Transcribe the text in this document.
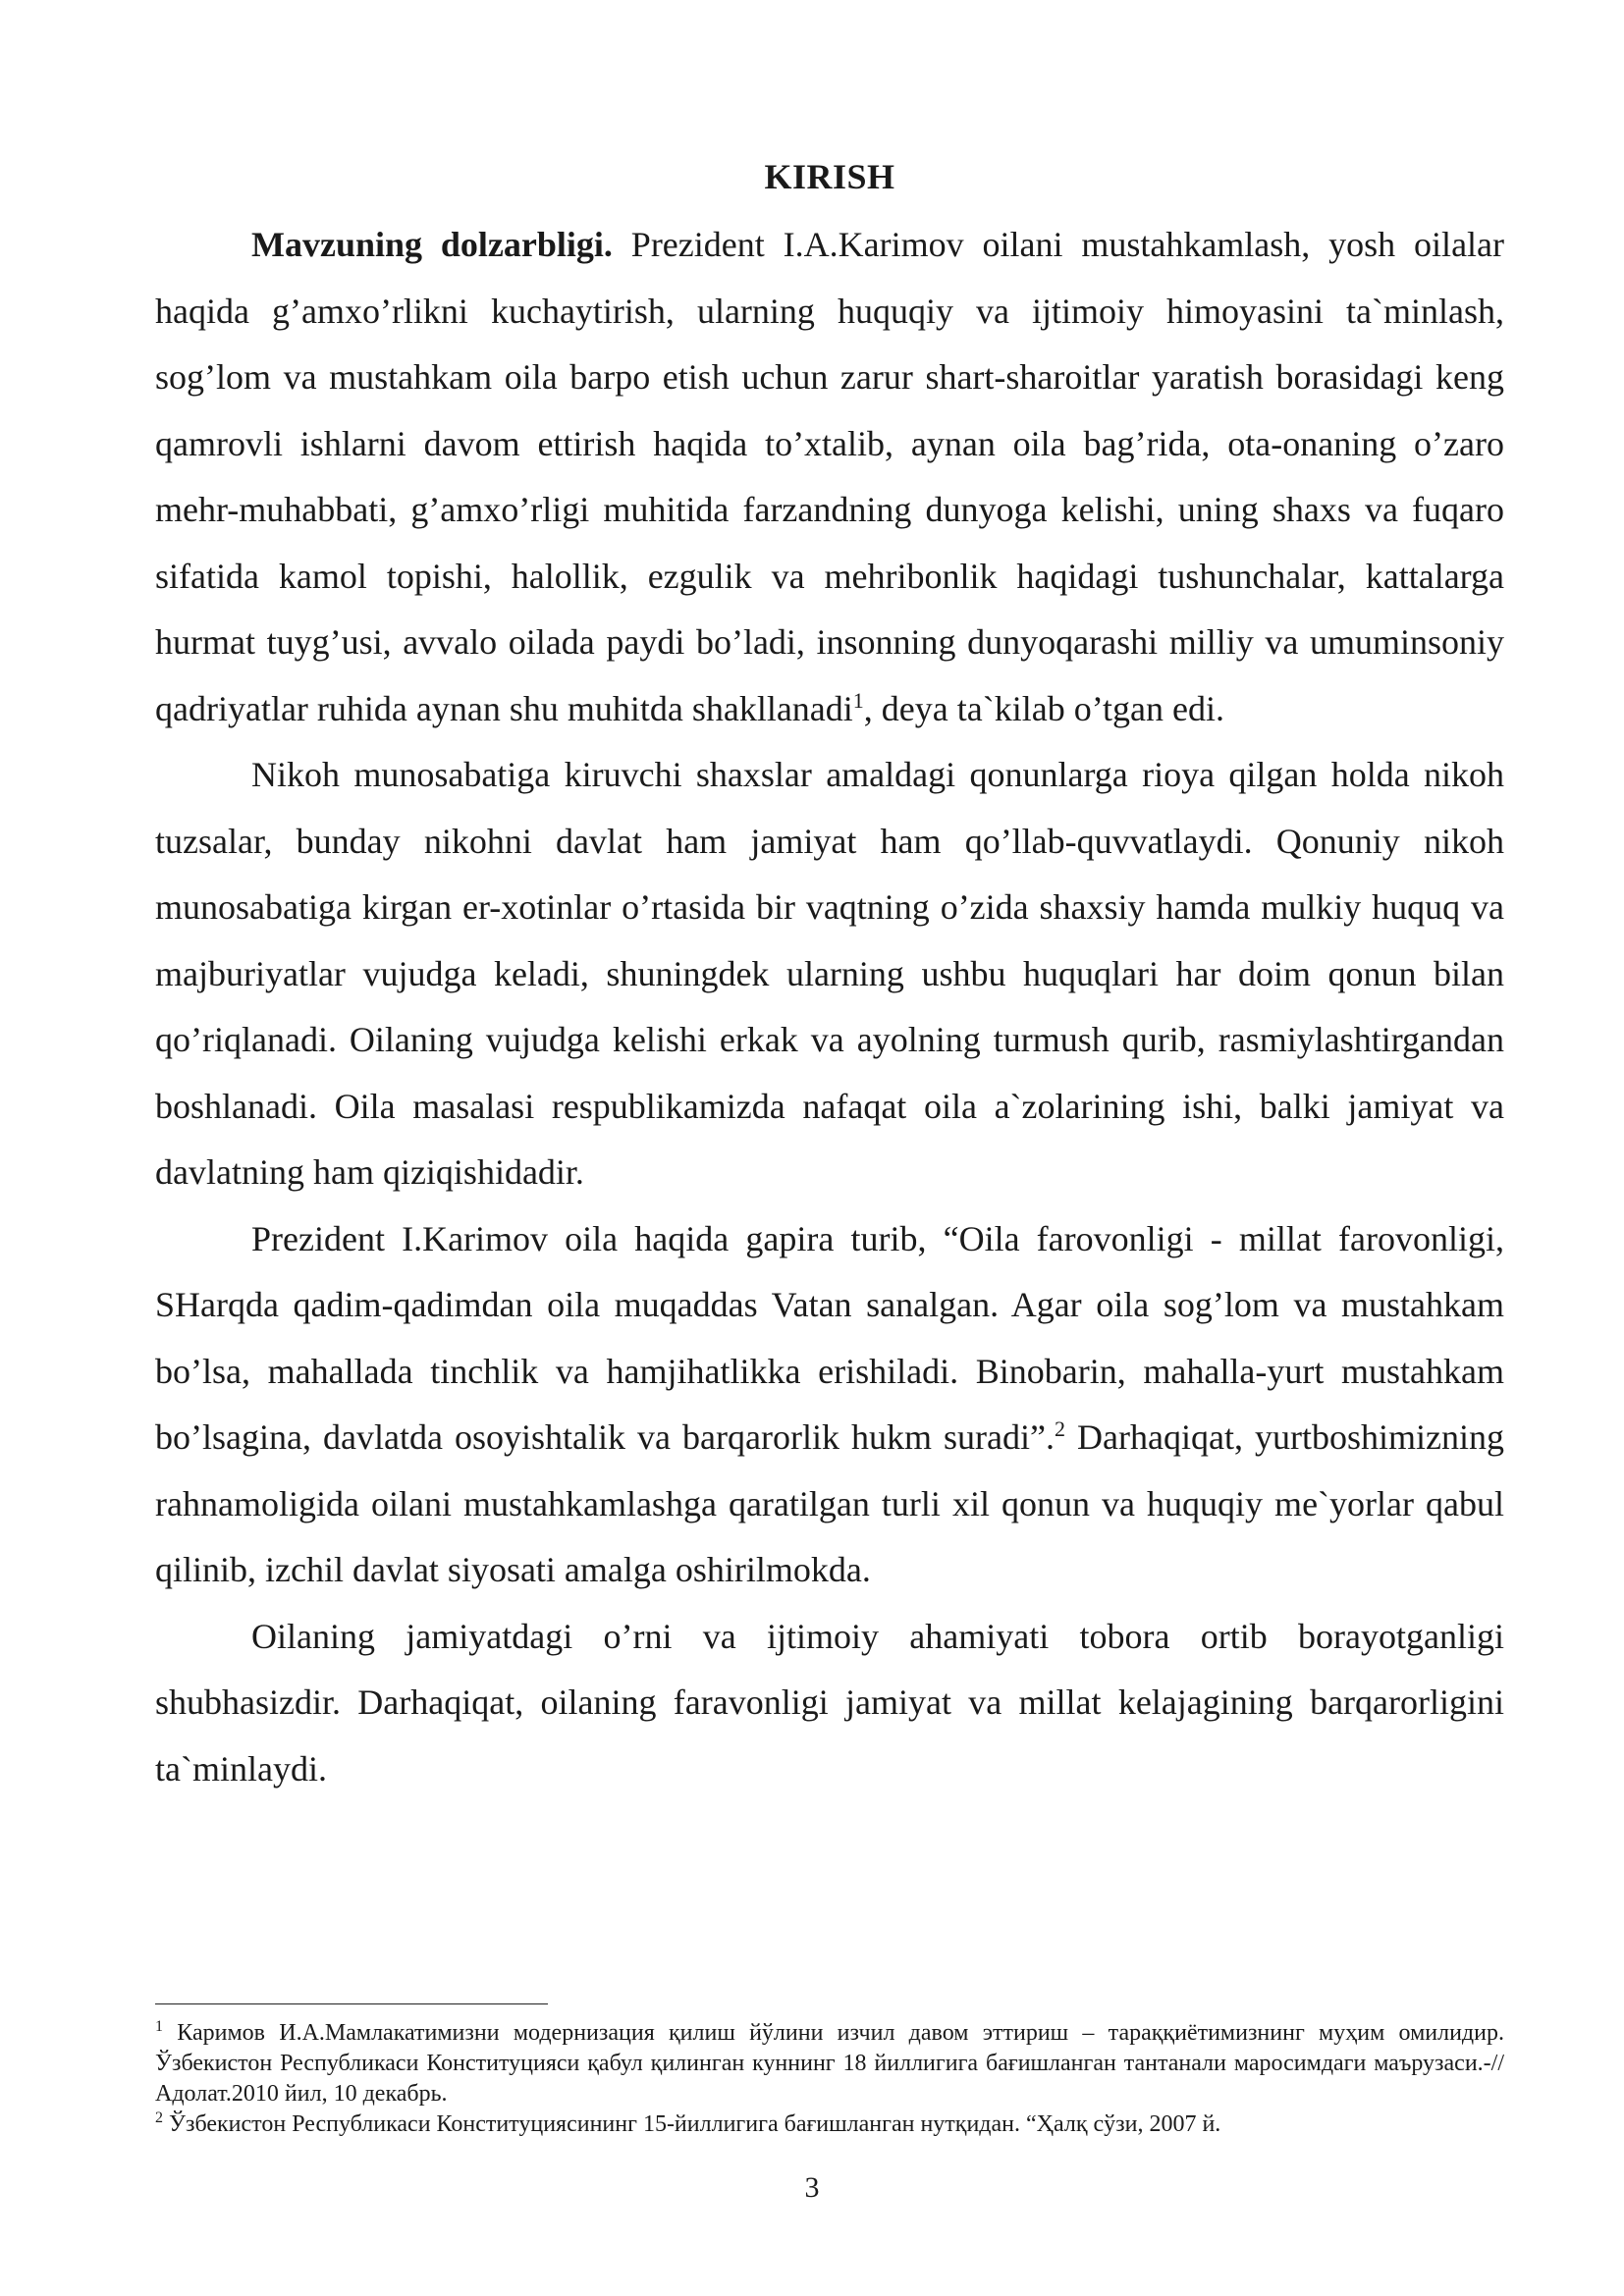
KIRISH

Mavzuning dolzarbligi. Prezident I.A.Karimov oilani mustahkamlash, yosh oilalar haqida g’amxo’rlikni kuchaytirish, ularning huquqiy va ijtimoiy himoyasini ta`minlash, sog’lom va mustahkam oila barpo etish uchun zarur shart-sharoitlar yaratish borasidagi keng qamrovli ishlarni davom ettirish haqida to’xtalib, aynan oila bag’rida, ota-onaning o’zaro mehr-muhabbati, g’amxo’rligi muhitida farzandning dunyoga kelishi, uning shaxs va fuqaro sifatida kamol topishi, halollik, ezgulik va mehribonlik haqidagi tushunchalar, kattalarga hurmat tuyg’usi, avvalo oilada paydi bo’ladi, insonning dunyoqarashi milliy va umuminsoniy qadriyatlar ruhida aynan shu muhitda shakllanadi$^1$, deya ta`kilab o’tgan edi.

Nikoh munosabatiga kiruvchi shaxslar amaldagi qonunlarga rioya qilgan holda nikoh tuzsalar, bunday nikohni davlat ham jamiyat ham qo’llab-quvvatlaydi. Qonuniy nikoh munosabatiga kirgan er-xotinlar o’rtasida bir vaqtning o’zida shaxsiy hamda mulkiy huquq va majburiyatlar vujudga keladi, shuningdek ularning ushbu huquqlari har doim qonun bilan qo’riqlanadi. Oilaning vujudga kelishi erkak va ayolning turmush qurib, rasmiylashtirgandan boshlanadi. Oila masalasi respublikamizda nafaqat oila a`zolarining ishi, balki jamiyat va davlatning ham qiziqishidadir.

Prezident I.Karimov oila haqida gapira turib, “Oila farovonligi - millat farovonligi, SHarqda qadim-qadimdan oila muqaddas Vatan sanalgan. Agar oila sog’lom va mustahkam bo’lsa, mahallada tinchlik va hamjihatlikka erishiladi. Binobarin, mahalla-yurt mustahkam bo’lsagina, davlatda osoyishtalik va barqarorlik hukm suradi”.$^2$ Darhaqiqat, yurtboshimizning rahnamoligida oilani mustahkamlashga qaratilgan turli xil qonun va huquqiy me`yorlar qabul qilinib, izchil davlat siyosati amalga oshirilmokda.

Oilaning jamiyatdagi o’rni va ijtimoiy ahamiyati tobora ortib borayotganligi shubhasizdir. Darhaqiqat, oilaning faravonligi jamiyat va millat kelajagining barqarorligini ta`minlaydi.

$^1$ Каримов И.А.Мамлакатимизни модернизация қилиш йўлини изчил давом эттириш – тараққиётимизнинг муҳим омилидир. Ўзбекистон Республикаси Конституцияси қабул қилинган куннинг 18 йиллигига бағишланган тантанали маросимдаги маърузаси.-//Адолат.2010 йил, 10 декабрь.

$^2$ Ўзбекистон Республикаси Конституциясининг 15-йиллигига бағишланган нутқидан. “Ҳалқ сўзи, 2007 й.

3
